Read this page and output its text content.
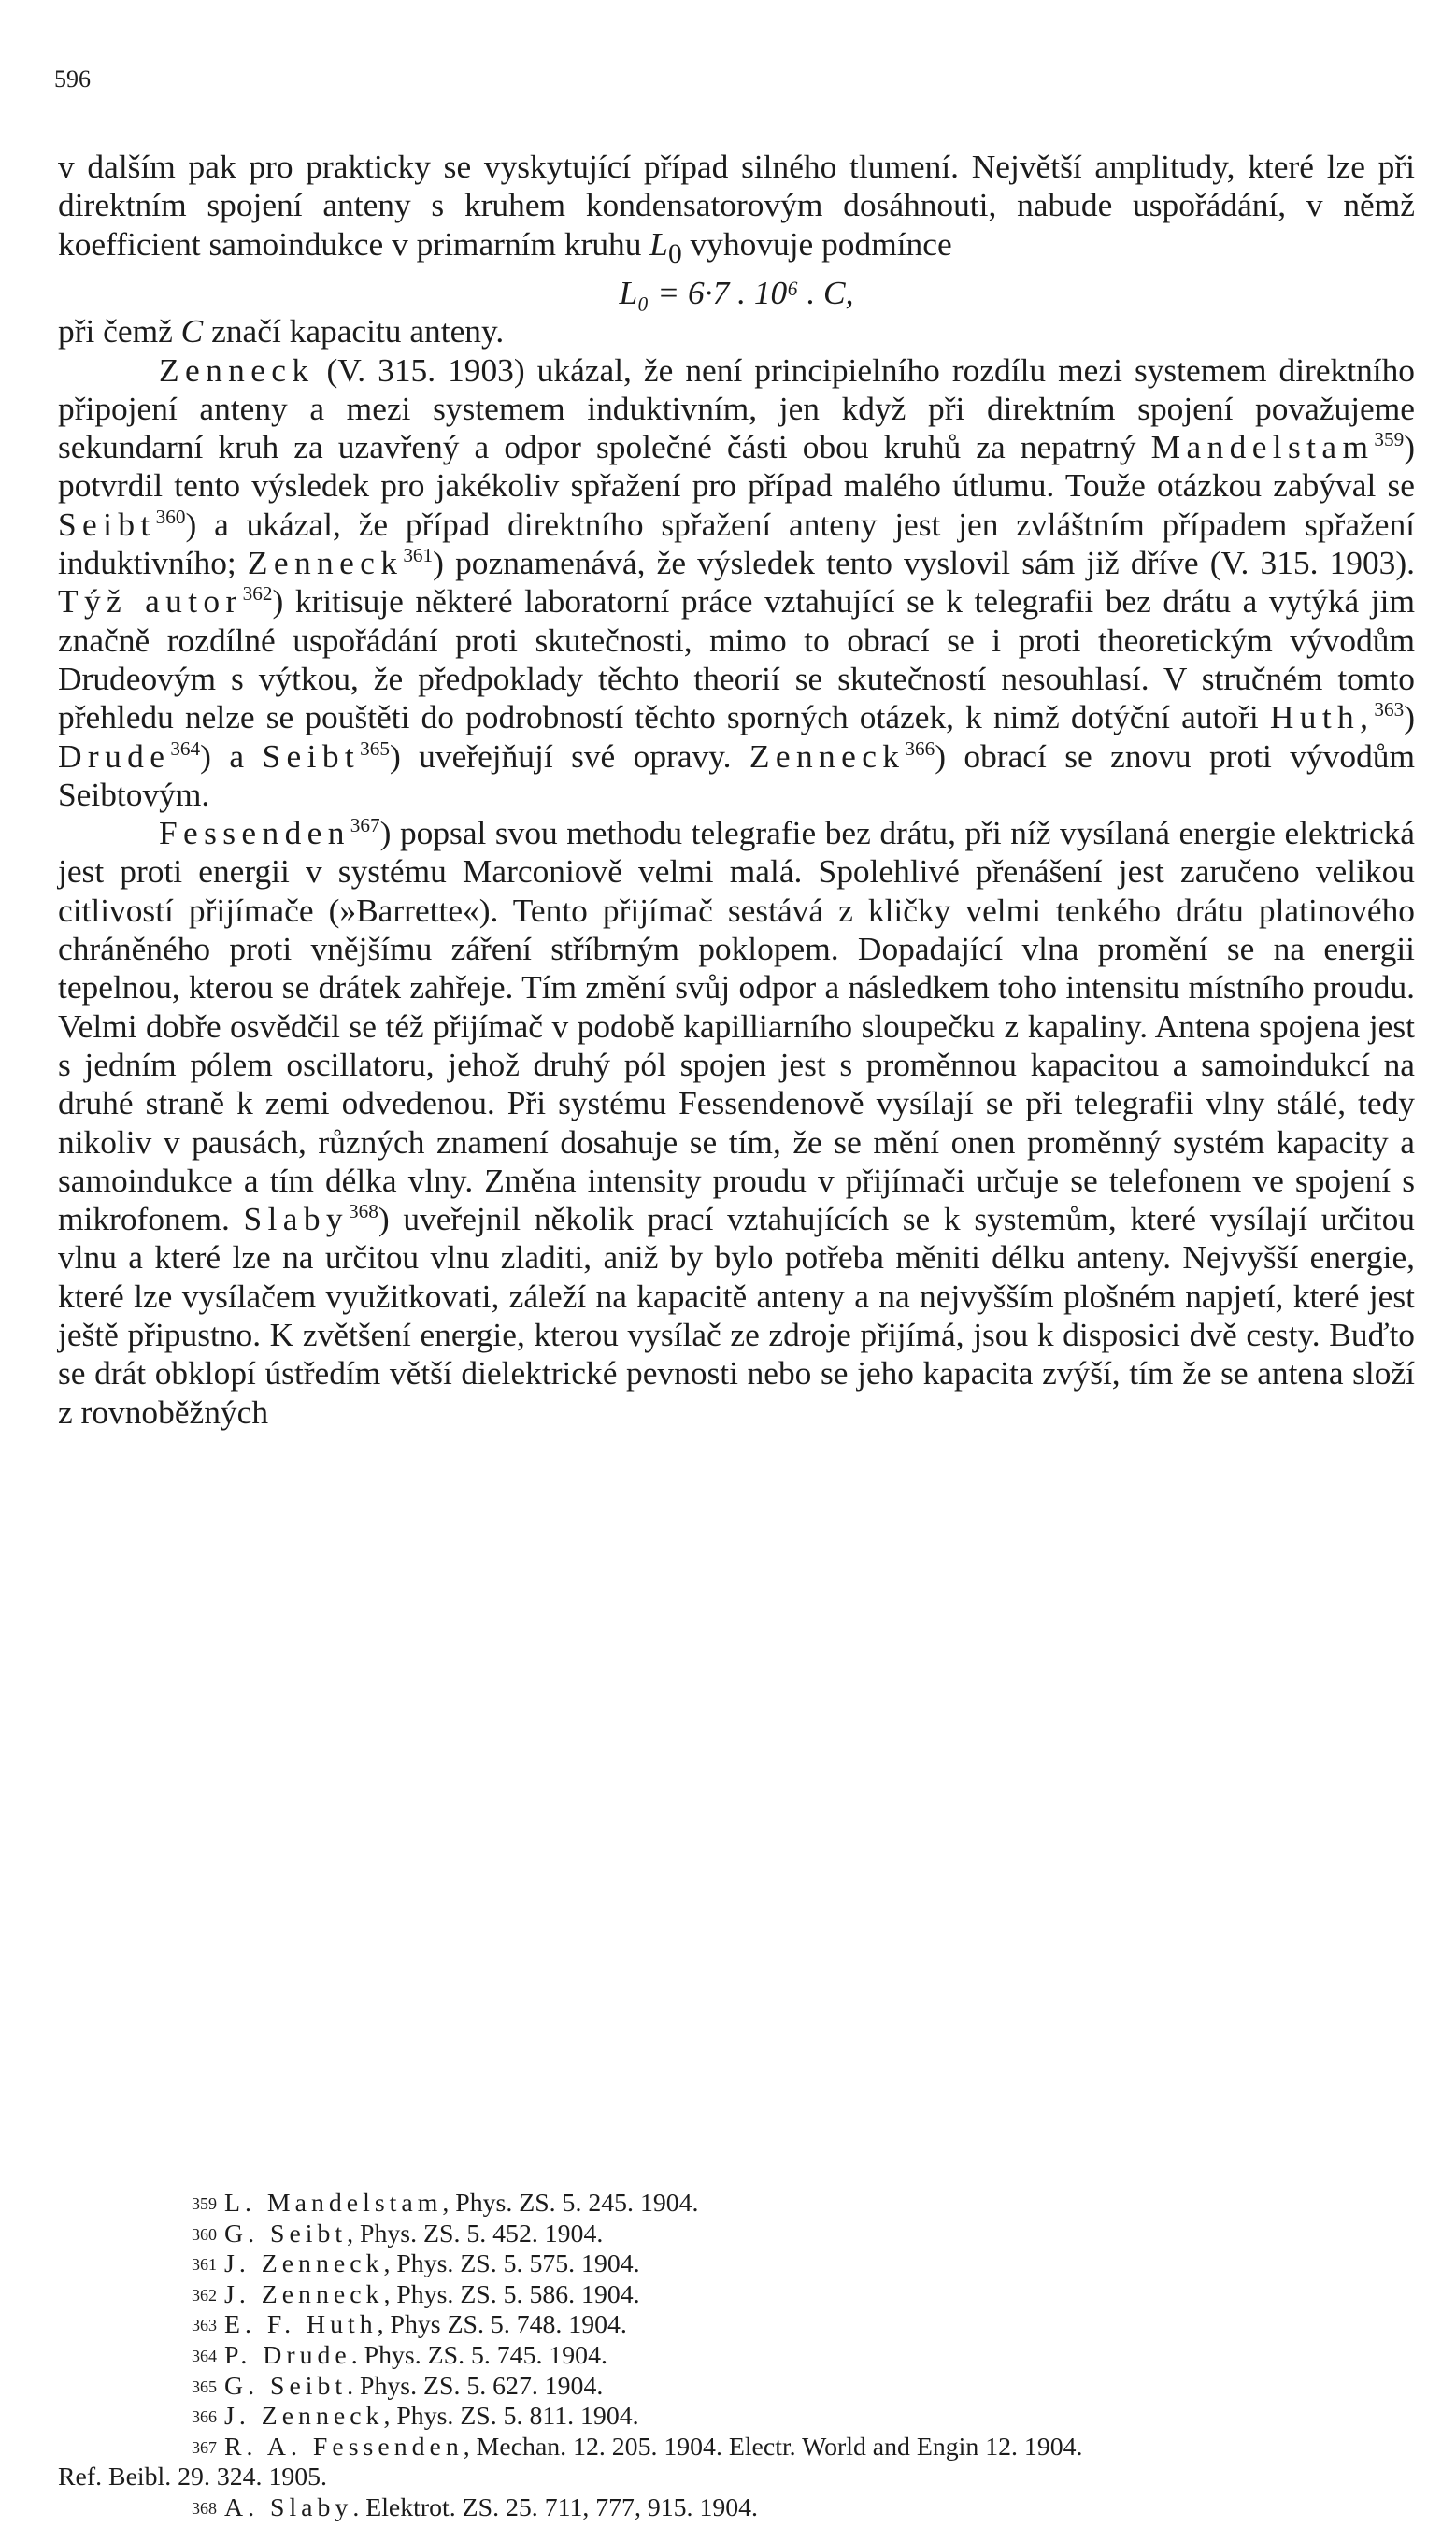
596

v dalším pak pro prakticky se vyskytující případ silného tlumení. Největší amplitudy, které lze při direktním spojení anteny s kruhem kondensatorovým dosáhnouti, nabude uspořádání, v němž koefficient samoindukce v primarním kruhu $L_0$ vyhovuje podmínce

L₀ = 6·7 . 10⁶ . C,

při čemž C značí kapacitu anteny.

Zenneck (V. 315. 1903) ukázal, že není principielního rozdílu mezi systemem direktního připojení anteny a mezi systemem induktivním, jen když při direktním spojení považujeme sekundarní kruh za uzavřený a odpor společné části obou kruhů za nepatrný Mandelstam$^{359}$) potvrdil tento výsledek pro jakékoliv spřažení pro případ malého útlumu. Touže otázkou zabýval se Seibt$^{360}$) a ukázal, že případ direktního spřažení anteny jest jen zvláštním případem spřažení induktivního; Zenneck$^{361}$) poznamenává, že výsledek tento vyslovil sám již dříve (V. 315. 1903). Týž autor$^{362}$) kritisuje některé laboratorní práce vztahující se k telegrafii bez drátu a vytýká jim značně rozdílné uspořádání proti skutečnosti, mimo to obrací se i proti theoretickým vývodům Drudeovým s výtkou, že předpoklady těchto theorií se skutečností nesouhlasí. V stručném tomto přehledu nelze se pouštěti do podrobností těchto sporných otázek, k nimž dotýční autoři Huth,$^{363}$) Drude$^{364}$) a Seibt$^{365}$) uveřejňují své opravy. Zenneck$^{366}$) obrací se znovu proti vývodům Seibtovým.

Fessenden$^{367}$) popsal svou methodu telegrafie bez drátu, při níž vysílaná energie elektrická jest proti energii v systému Marconiově velmi malá. Spolehlivé přenášení jest zaručeno velikou citlivostí přijímače (»Barrette«). Tento přijímač sestává z kličky velmi tenkého drátu platinového chráněného proti vnějšímu záření stříbrným poklopem. Dopadající vlna promění se na energii tepelnou, kterou se drátek zahřeje. Tím změní svůj odpor a následkem toho intensitu místního proudu. Velmi dobře osvědčil se též přijímač v podobě kapilliarního sloupečku z kapaliny. Antena spojena jest s jedním pólem oscillatoru, jehož druhý pól spojen jest s proměnnou kapacitou a samoindukcí na druhé straně k zemi odvedenou. Při systému Fessendenově vysílají se při telegrafii vlny stálé, tedy nikoliv v pausách, různých znamení dosahuje se tím, že se mění onen proměnný systém kapacity a samoindukce a tím délka vlny. Změna intensity proudu v přijímači určuje se telefonem ve spojení s mikrofonem. Slaby$^{368}$) uveřejnil několik prací vztahujících se k systemům, které vysílají určitou vlnu a které lze na určitou vlnu zladiti, aniž by bylo potřeba měniti délku anteny. Nejvyšší energie, které lze vysílačem využitkovati, záleží na kapacitě anteny a na nejvyšším plošném napjetí, které jest ještě připustno. K zvětšení energie, kterou vysílač ze zdroje přijímá, jsou k disposici dvě cesty. Buďto se drát obklopí ústředím větší dielektrické pevnosti nebo se jeho kapacita zvýší, tím že se antena složí z rovnoběžných

359 L. Mandelstam, Phys. ZS. 5. 245. 1904.

360 G. Seibt, Phys. ZS. 5. 452. 1904.

361 J. Zenneck, Phys. ZS. 5. 575. 1904.

362 J. Zenneck, Phys. ZS. 5. 586. 1904.

363 E. F. Huth, Phys ZS. 5. 748. 1904.

364 P. Drude. Phys. ZS. 5. 745. 1904.

365 G. Seibt. Phys. ZS. 5. 627. 1904.

366 J. Zenneck, Phys. ZS. 5. 811. 1904.

367 R. A. Fessenden, Mechan. 12. 205. 1904. Electr. World and Engin 12. 1904.

Ref. Beibl. 29. 324. 1905.

368 A. Slaby. Elektrot. ZS. 25. 711, 777, 915. 1904.
